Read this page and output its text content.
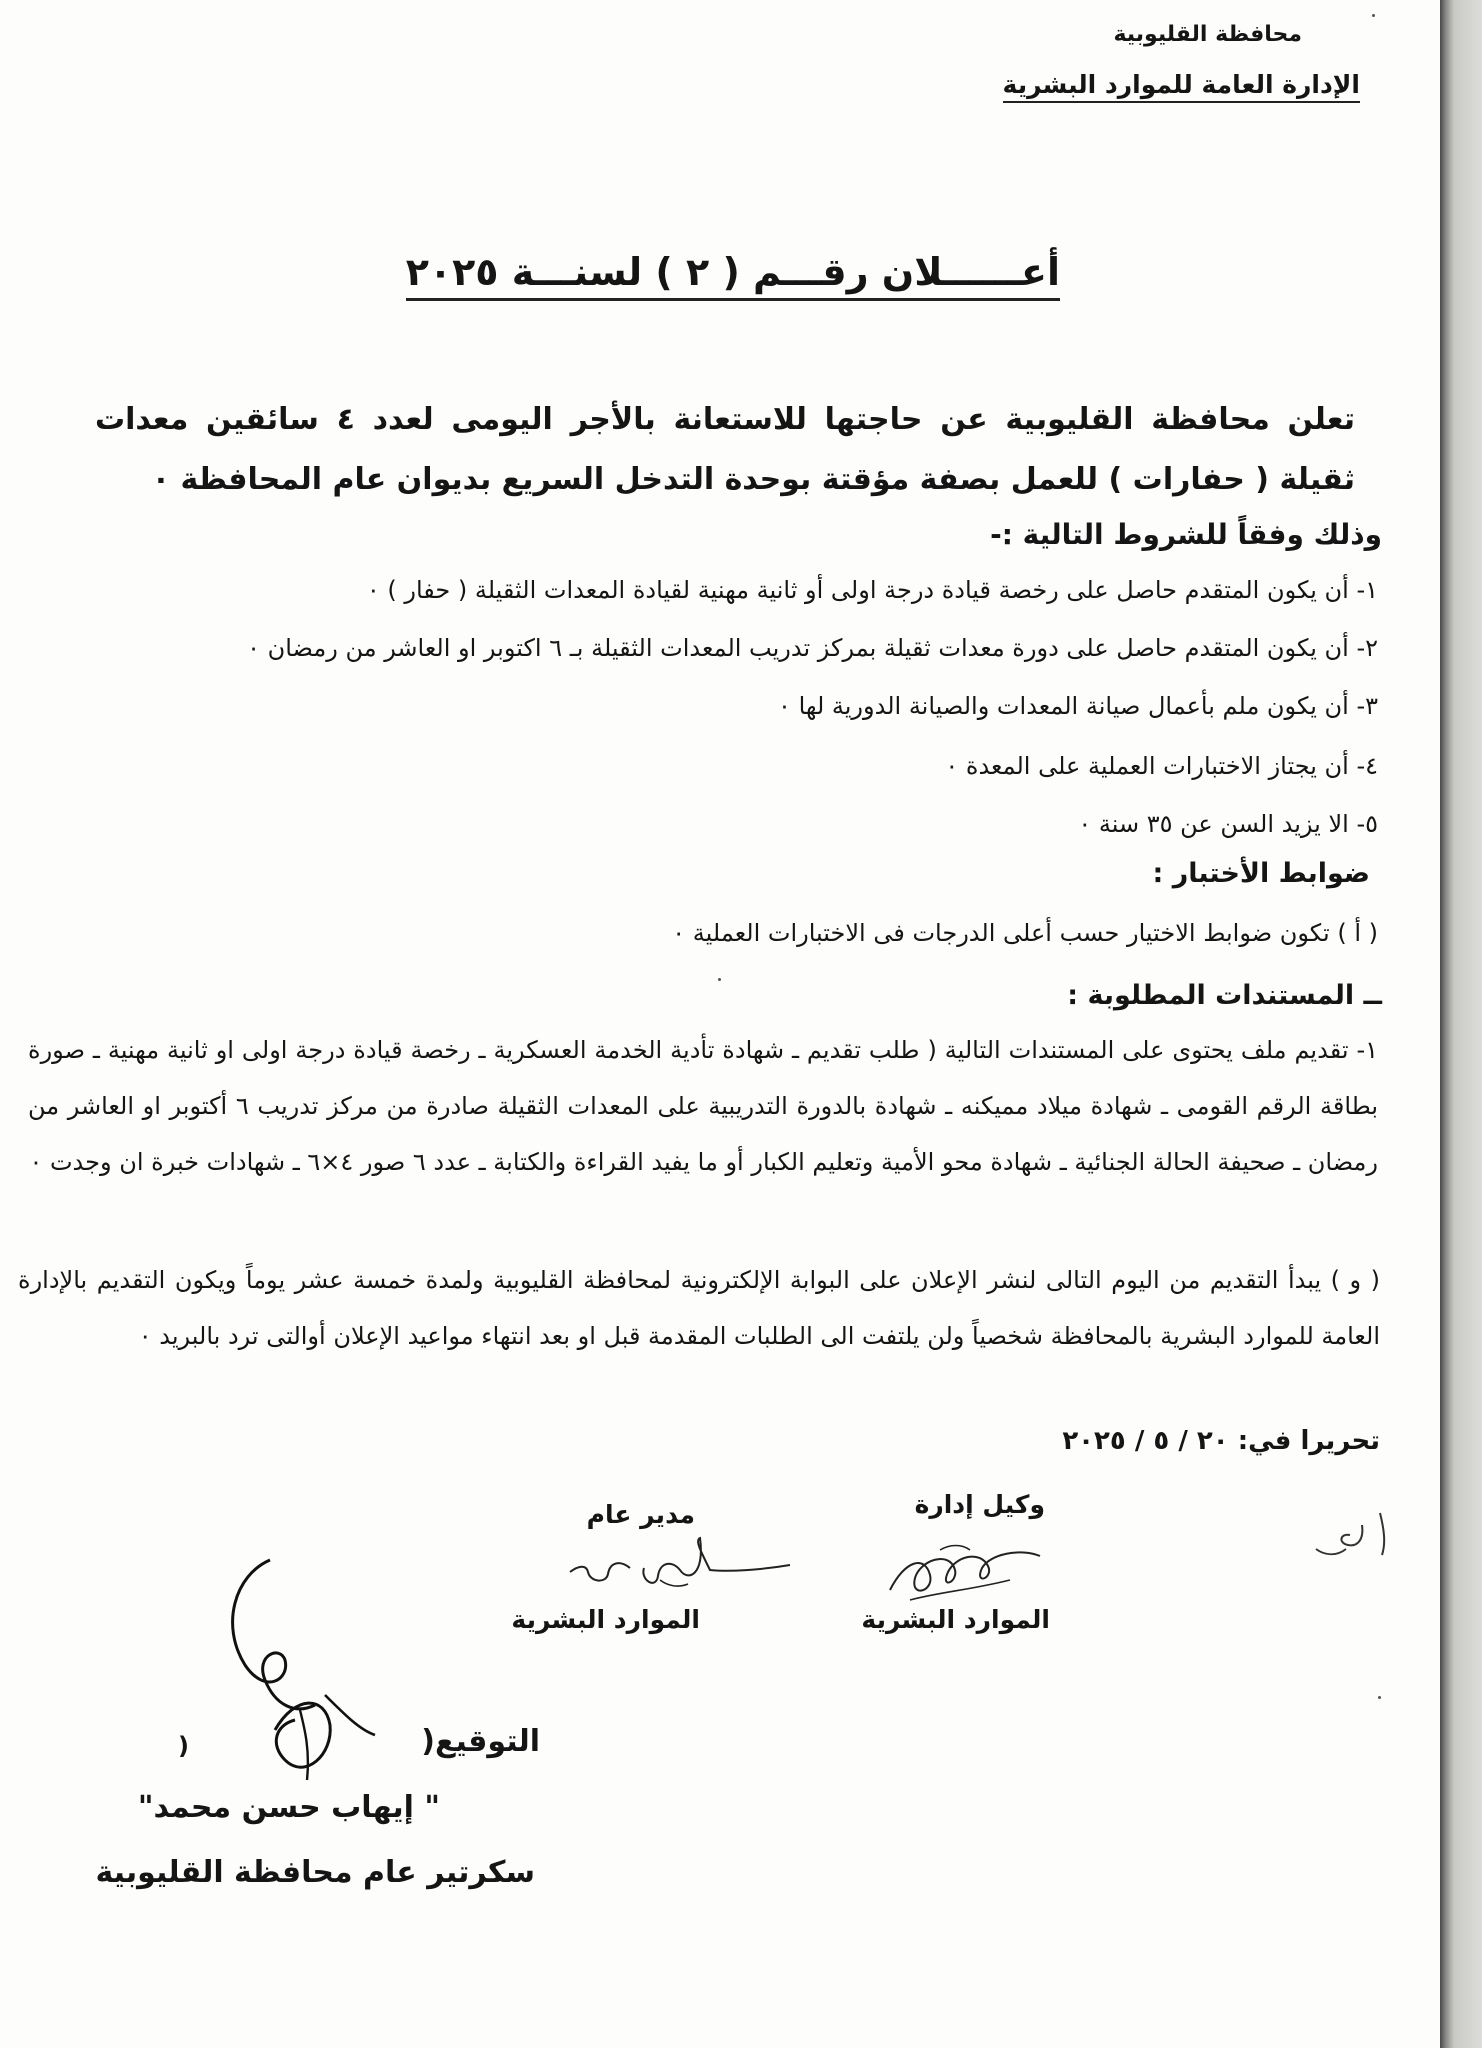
محافظة القليوبية
الإدارة العامة للموارد البشرية
أعــــــلان رقـــم ( ٢ ) لسنـــة ٢٠٢٥
تعلن محافظة القليوبية عن حاجتها للاستعانة بالأجر اليومى لعدد ٤ سائقين معدات ثقيلة ( حفارات ) للعمل بصفة مؤقتة بوحدة التدخل السريع بديوان عام المحافظة ٠
وذلك وفقاً للشروط التالية :-
١- أن يكون المتقدم حاصل على رخصة قيادة درجة اولى أو ثانية مهنية لقيادة المعدات الثقيلة ( حفار ) ٠
٢- أن يكون المتقدم حاصل على دورة معدات ثقيلة بمركز تدريب المعدات الثقيلة بـ ٦ اكتوبر او العاشر من رمضان ٠
٣- أن يكون ملم بأعمال صيانة المعدات والصيانة الدورية لها ٠
٤- أن يجتاز الاختبارات العملية على المعدة ٠
٥- الا يزيد السن عن ٣٥ سنة ٠
ضوابط الأختبار :
( أ ) تكون ضوابط الاختيار حسب أعلى الدرجات فى الاختبارات العملية ٠
ــ المستندات المطلوبة :
١- تقديم ملف يحتوى على المستندات التالية ( طلب تقديم ـ شهادة تأدية الخدمة العسكرية ـ رخصة قيادة درجة اولى او ثانية مهنية ـ صورة بطاقة الرقم القومى ـ شهادة ميلاد مميكنه ـ شهادة بالدورة التدريبية على المعدات الثقيلة صادرة من مركز تدريب ٦ أكتوبر او العاشر من رمضان ـ صحيفة الحالة الجنائية ـ شهادة محو الأمية وتعليم الكبار أو ما يفيد القراءة والكتابة ـ عدد ٦ صور ٤×٦ ـ شهادات خبرة ان وجدت ٠
( و ) يبدأ التقديم من اليوم التالى لنشر الإعلان على البوابة الإلكترونية لمحافظة القليوبية ولمدة خمسة عشر يوماً ويكون التقديم بالإدارة العامة للموارد البشرية بالمحافظة شخصياً ولن يلتفت الى الطلبات المقدمة قبل او بعد انتهاء مواعيد الإعلان أوالتى ترد بالبريد ٠
تحريرا في: ٢٠ / ٥ / ٢٠٢٥
وكيل إدارة
الموارد البشرية
مدير عام
الموارد البشرية
التوقيع(
)
" إيهاب حسن محمد"
سكرتير عام محافظة القليوبية
